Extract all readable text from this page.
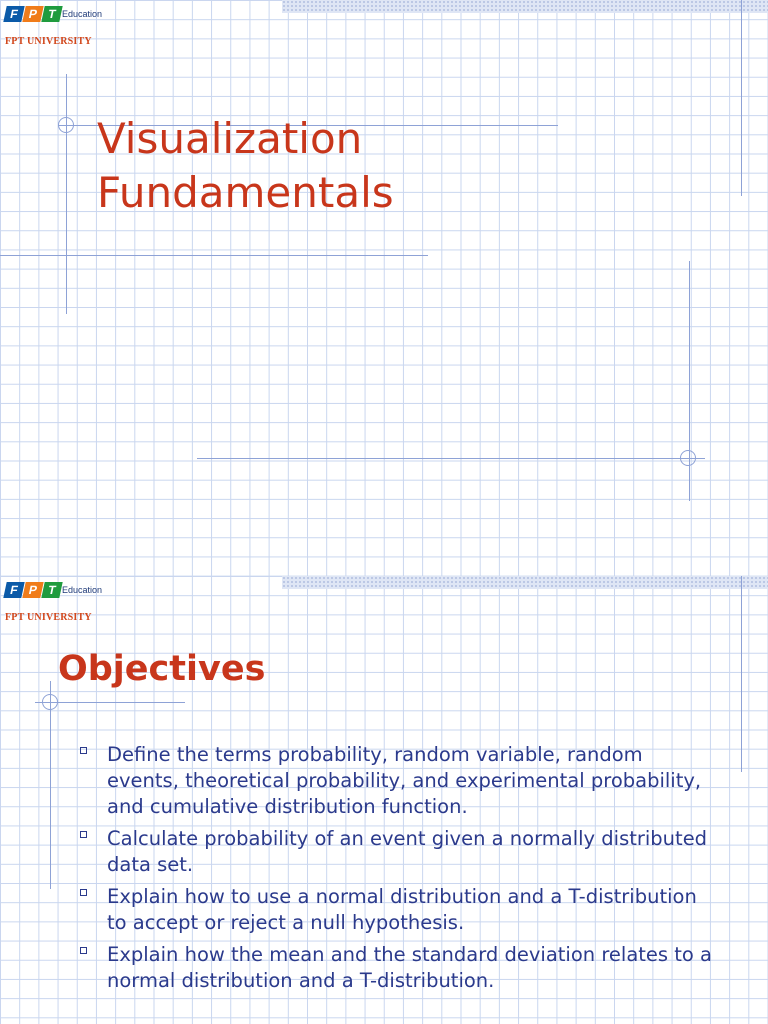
F P T Education
FPT UNIVERSITY
Visualization
Fundamentals
F P T Education
FPT UNIVERSITY
Objectives
Define the terms probability, random variable, random events, theoretical probability, and experimental probability, and cumulative distribution function.
Calculate probability of an event given a normally distributed data set.
Explain how to use a normal distribution and a T-distribution to accept or reject a null hypothesis.
Explain how the mean and the standard deviation relates to a normal distribution and a T-distribution.
